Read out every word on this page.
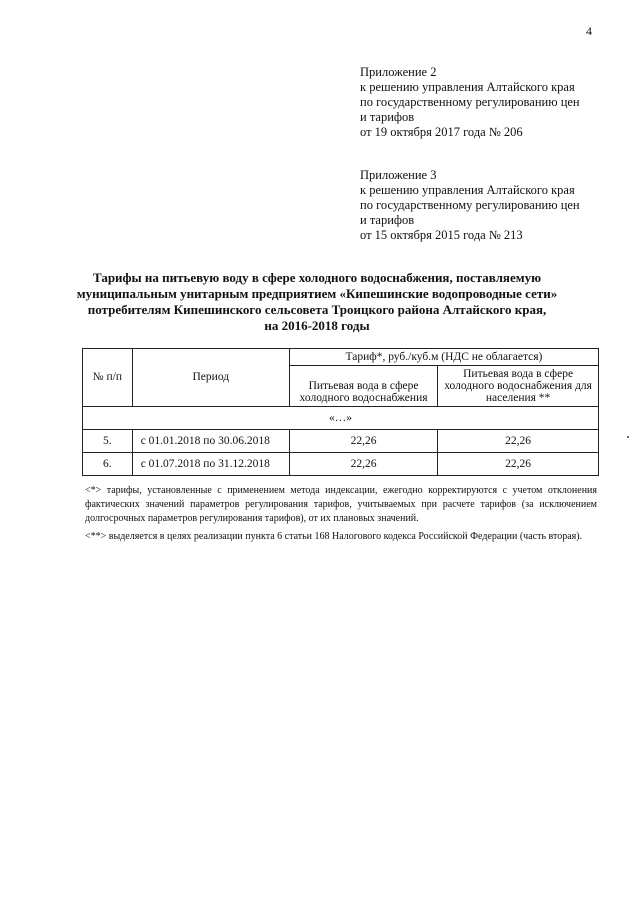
4
Приложение 2
к решению управления Алтайского края
по государственному регулированию цен
и тарифов
от 19 октября 2017 года № 206
Приложение 3
к решению управления Алтайского края
по государственному регулированию цен
и тарифов
от 15 октября 2015 года № 213
Тарифы на питьевую воду в сфере холодного водоснабжения, поставляемую
муниципальным унитарным предприятием «Кипешинские водопроводные сети»
потребителям Кипешинского сельсовета Троицкого района Алтайского края,
на 2016-2018 годы
№ п/п	Период	Тариф*, руб./куб.м (НДС не облагается)	
		Питьевая вода в сфере холодного водоснабжения	Питьевая вода в сфере холодного водоснабжения для населения **
«…»			
5.	с 01.01.2018 по 30.06.2018	22,26	22,26
6.	с 01.07.2018 по 31.12.2018	22,26	22,26

<*> тарифы, установленные с применением метода индексации, ежегодно корректируются с учетом отклонения фактических значений параметров регулирования тарифов, учитываемых при расчете тарифов (за исключением долгосрочных параметров регулирования тарифов), от их плановых значений.

<**> выделяется в целях реализации пункта 6 статьи 168 Налогового кодекса Российской Федерации (часть вторая).
